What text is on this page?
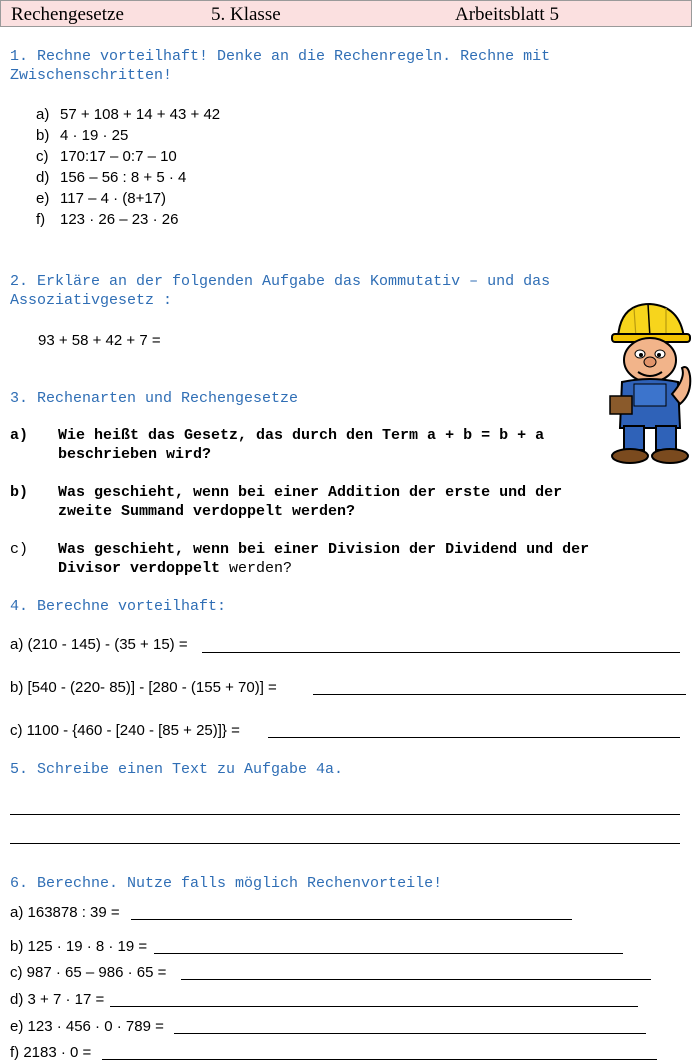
Rechengesetze	5. Klasse	Arbeitsblatt 5
1. Rechne vorteilhaft! Denke an die Rechenregeln. Rechne mit
Zwischenschritten!
a) 57 + 108 + 14 + 43 + 42
b) 4 · 19 · 25
c) 170:17 – 0:7 – 10
d) 156 – 56 : 8 + 5 · 4
e) 117 – 4 · (8+17)
f) 123 · 26 – 23 · 26
2. Erkläre an der folgenden Aufgabe das Kommutativ – und das
Assoziativgesetz :
93 + 58 + 42 + 7 =
3. Rechenarten und Rechengesetze
a) Wie heißt das Gesetz, das durch den Term a + b = b + a
beschrieben wird?
b) Was geschieht, wenn bei einer Addition der erste und der
zweite Summand verdoppelt werden?
c) Was geschieht, wenn bei einer Division der Dividend und der
Divisor verdoppelt werden?
4. Berechne vorteilhaft:
a) (210 - 145) - (35 + 15) =
b) [540 - (220- 85)] - [280 - (155 + 70)] =
c) 1100 - {460 - [240 - [85 + 25)]} =
5. Schreibe einen Text zu Aufgabe 4a.
6. Berechne. Nutze falls möglich Rechenvorteile!
a) 163878 : 39 =
b) 125 · 19 · 8 · 19 =
c) 987 · 65 – 986 · 65 =
d) 3 + 7 · 17 =
e) 123 · 456 · 0 · 789 =
f) 2183 · 0 =
